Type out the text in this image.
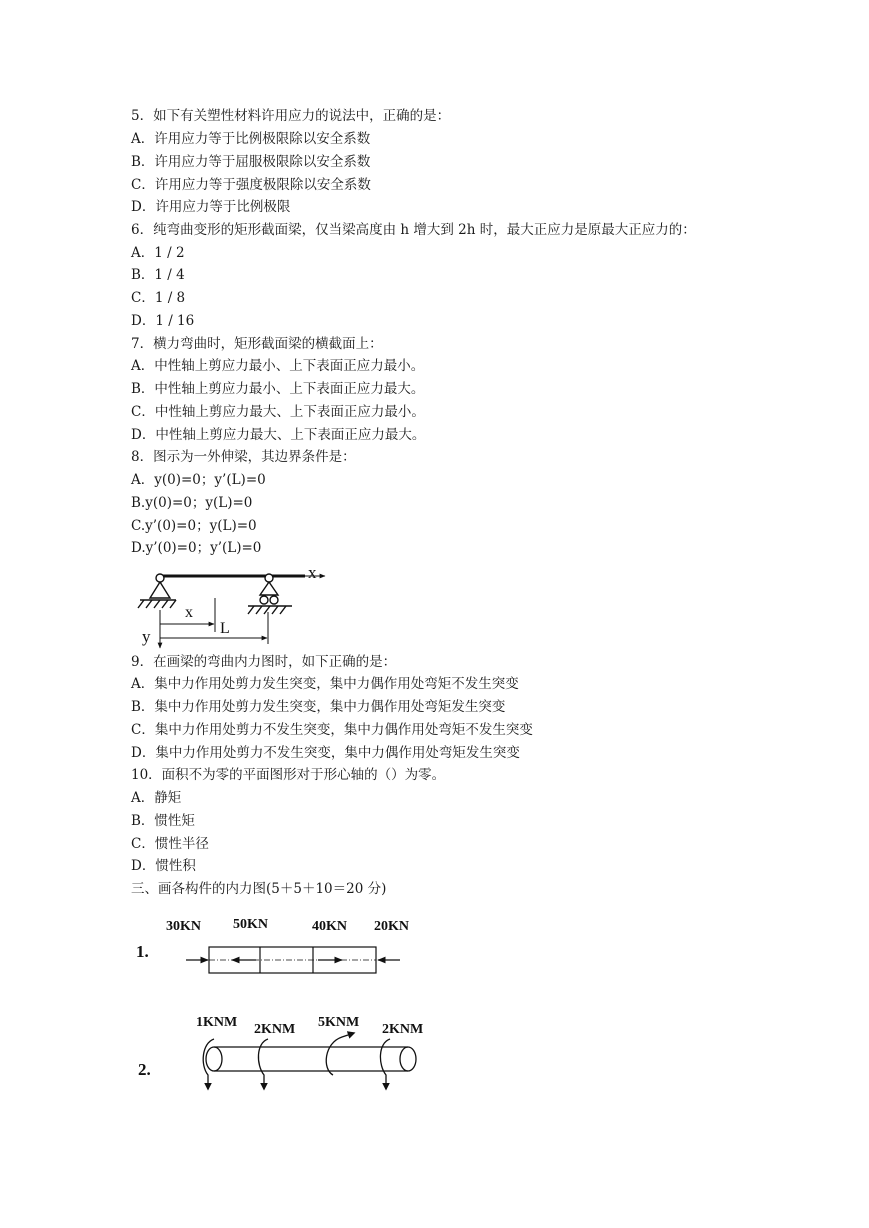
5．如下有关塑性材料许用应力的说法中，正确的是：
A．许用应力等于比例极限除以安全系数
B．许用应力等于屈服极限除以安全系数
C．许用应力等于强度极限除以安全系数
D．许用应力等于比例极限
6．纯弯曲变形的矩形截面梁，仅当梁高度由 h 增大到 2h 时，最大正应力是原最大正应力的：
A．1 / 2
B．1 / 4
C．1 / 8
D．1 / 16
7．横力弯曲时，矩形截面梁的横截面上：
A．中性轴上剪应力最小、上下表面正应力最小。
B．中性轴上剪应力最小、上下表面正应力最大。
C．中性轴上剪应力最大、上下表面正应力最小。
D．中性轴上剪应力最大、上下表面正应力最大。
8．图示为一外伸梁，其边界条件是：
A．y(0)=0；y’(L)=0
B.y(0)=0；y(L)=0
C.y’(0)=0；y(L)=0
D.y’(0)=0；y’(L)=0
9．在画梁的弯曲内力图时，如下正确的是：
A．集中力作用处剪力发生突变，集中力偶作用处弯矩不发生突变
B．集中力作用处剪力发生突变，集中力偶作用处弯矩发生突变
C．集中力作用处剪力不发生突变，集中力偶作用处弯矩不发生突变
D．集中力作用处剪力不发生突变，集中力偶作用处弯矩发生突变
10．面积不为零的平面图形对于形心轴的（）为零。
A．静矩
B．惯性矩
C．惯性半径
D．惯性积
三、画各构件的内力图(5＋5＋10＝20 分)
x
y
x
L
1.
30KN 50KN	40KN 20KN
2.
1KNM 2KNM 5KNM 2KNM
